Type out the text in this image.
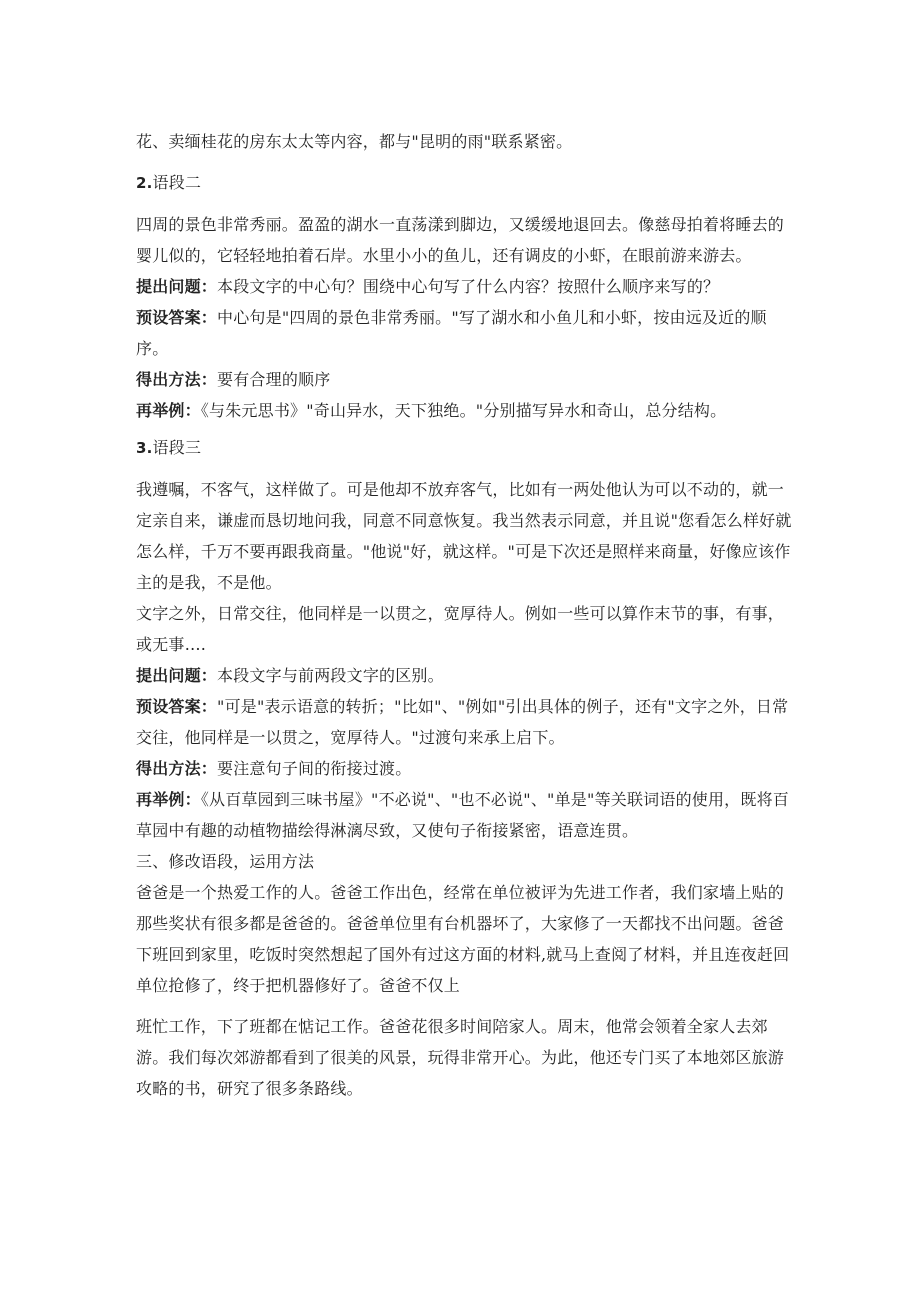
花、卖缅桂花的房东太太等内容，都与"昆明的雨"联系紧密。

2.语段二

四周的景色非常秀丽。盈盈的湖水一直荡漾到脚边，又缓缓地退回去。像慈母拍着将睡去的婴儿似的，它轻轻地拍着石岸。水里小小的鱼儿，还有调皮的小虾，在眼前游来游去。

提出问题：本段文字的中心句？围绕中心句写了什么内容？按照什么顺序来写的？

预设答案：中心句是"四周的景色非常秀丽。"写了湖水和小鱼儿和小虾，按由远及近的顺序。

得出方法：要有合理的顺序

再举例：《与朱元思书》"奇山异水，天下独绝。"分别描写异水和奇山，总分结构。

3.语段三

我遵嘱，不客气，这样做了。可是他却不放弃客气，比如有一两处他认为可以不动的，就一定亲自来，谦虚而恳切地问我，同意不同意恢复。我当然表示同意，并且说"您看怎么样好就怎么样，千万不要再跟我商量。"他说"好，就这样。"可是下次还是照样来商量，好像应该作主的是我，不是他。

文字之外，日常交往，他同样是一以贯之，宽厚待人。例如一些可以算作末节的事，有事，或无事….

提出问题：本段文字与前两段文字的区别。

预设答案："可是"表示语意的转折；"比如"、"例如"引出具体的例子，还有"文字之外，日常交往，他同样是一以贯之，宽厚待人。"过渡句来承上启下。

得出方法：要注意句子间的衔接过渡。

再举例：《从百草园到三味书屋》"不必说"、"也不必说"、"单是"等关联词语的使用，既将百草园中有趣的动植物描绘得淋漓尽致，又使句子衔接紧密，语意连贯。

三、修改语段，运用方法

爸爸是一个热爱工作的人。爸爸工作出色，经常在单位被评为先进工作者，我们家墙上贴的那些奖状有很多都是爸爸的。爸爸单位里有台机器坏了，大家修了一天都找不出问题。爸爸下班回到家里，吃饭时突然想起了国外有过这方面的材料,就马上查阅了材料，并且连夜赶回单位抢修了，终于把机器修好了。爸爸不仅上

班忙工作，下了班都在惦记工作。爸爸花很多时间陪家人。周末，他常会领着全家人去郊游。我们每次郊游都看到了很美的风景，玩得非常开心。为此，他还专门买了本地郊区旅游攻略的书，研究了很多条路线。
